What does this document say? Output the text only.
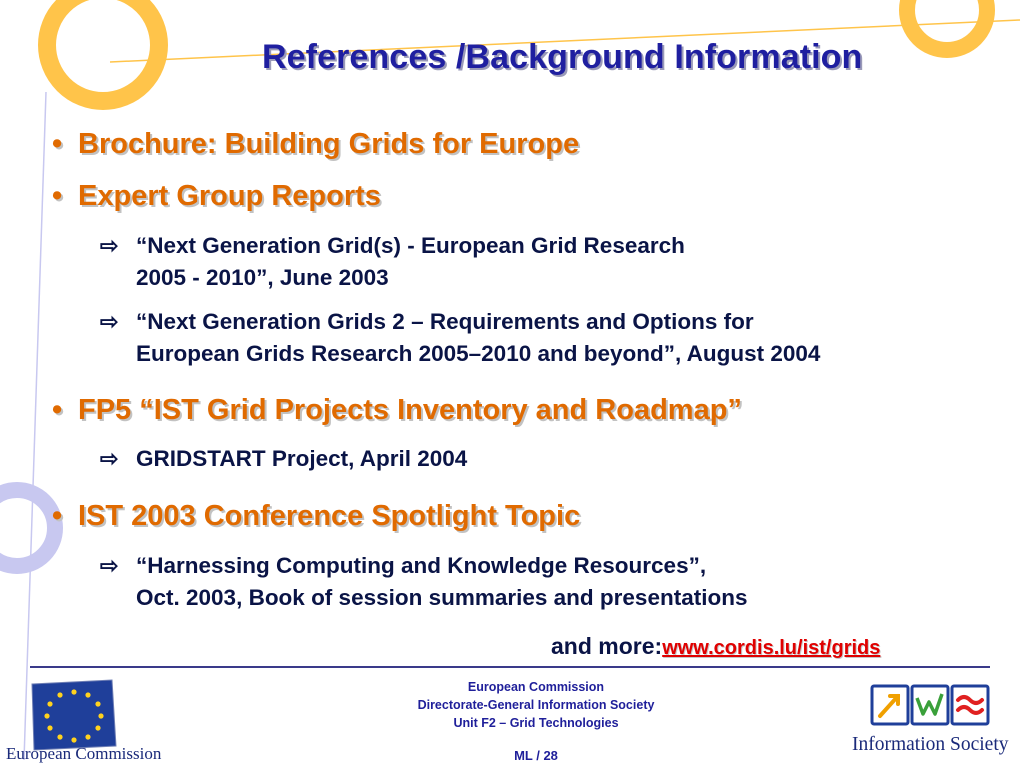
References /Background Information
• Brochure: Building Grids for Europe
• Expert Group Reports
⇨ “Next Generation Grid(s) - European Grid Research
2005 - 2010”, June 2003
⇨ “Next Generation Grids 2 – Requirements and Options for
European Grids Research 2005–2010 and beyond”, August 2004
• FP5 “IST Grid Projects Inventory and Roadmap”
⇨ GRIDSTART Project, April 2004
• IST 2003 Conference Spotlight Topic
⇨ “Harnessing Computing and Knowledge Resources”,
Oct. 2003, Book of session summaries and presentations
and more:www.cordis.lu/ist/grids
European Commission
European Commission
Directorate-General Information Society
Unit F2 – Grid Technologies
ML / 28
Information Society
